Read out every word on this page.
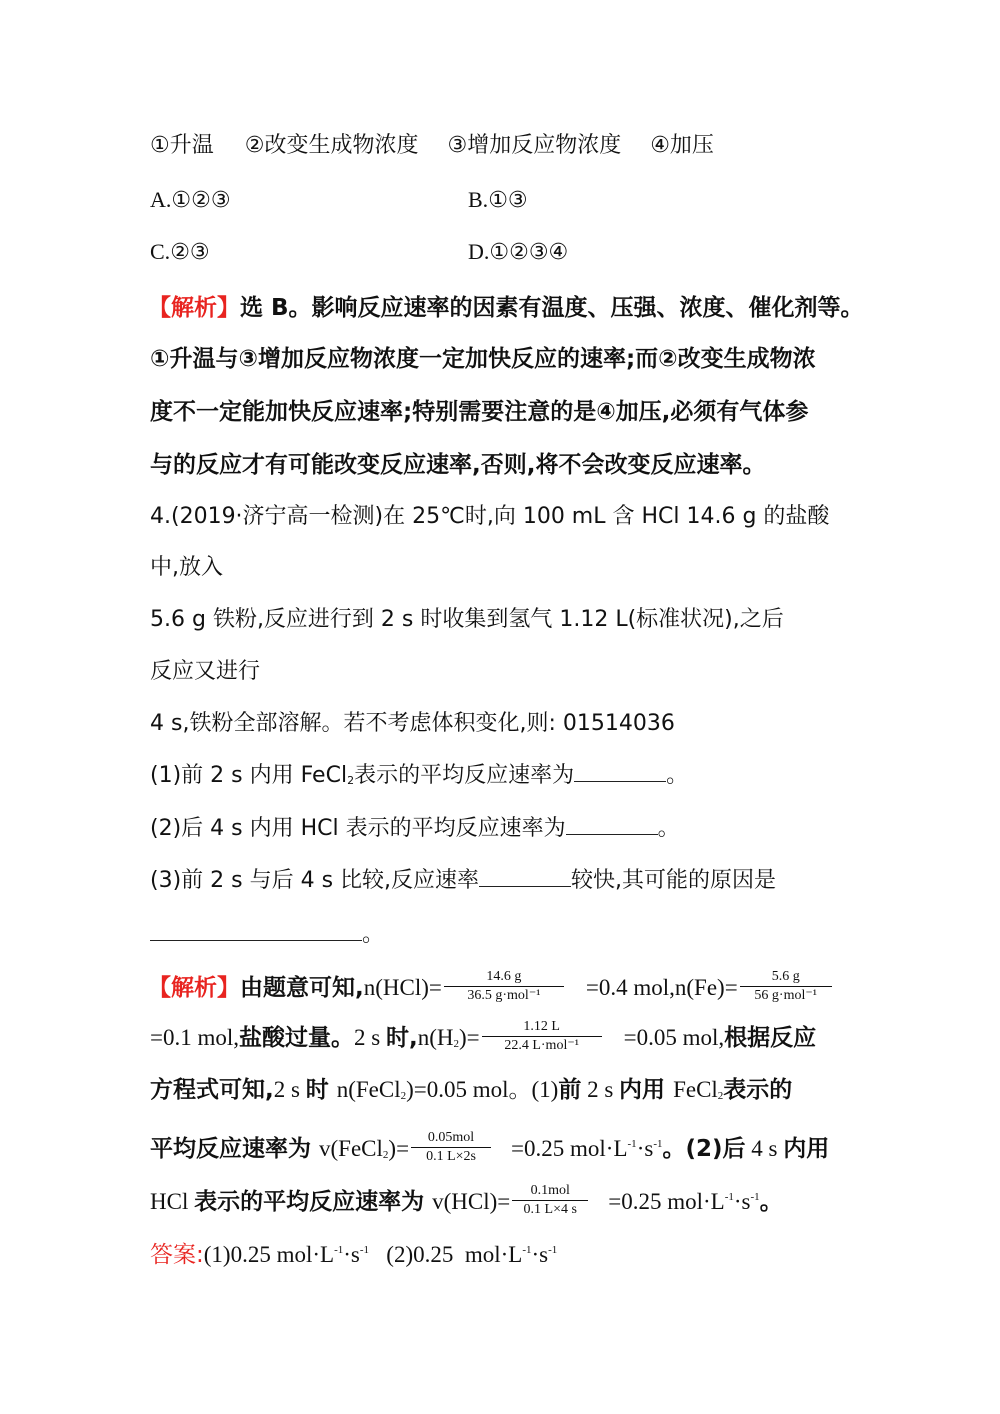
①升温 ②改变生成物浓度 ③增加反应物浓度 ④加压
A.①②③	B.①③
C.②③	D.①②③④
【解析】选 B。影响反应速率的因素有温度、压强、浓度、催化剂等。
①升温与③增加反应物浓度一定加快反应的速率;而②改变生成物浓
度不一定能加快反应速率;特别需要注意的是④加压,必须有气体参
与的反应才有可能改变反应速率,否则,将不会改变反应速率。
4.(2019·济宁高一检测)在 25℃时,向 100 mL 含 HCl 14.6 g 的盐酸
中,放入
5.6 g 铁粉,反应进行到 2 s 时收集到氢气 1.12 L(标准状况),之后
反应又进行
4 s,铁粉全部溶解。若不考虑体积变化,则: 01514036
(1)前 2 s 内用 FeCl$_2$表示的平均反应速率为	。
(2)后 4 s 内用 HCl 表示的平均反应速率为	。
(3)前 2 s 与后 4 s 比较,反应速率	较快,其可能的原因是
。
【解析】由题意可知$,n(HCl)= \frac{14.6 g}{\text{36.5 g·mol⁻¹}} =0.4$ $mol,n(Fe)= \frac{5.6 g}{\text{56 g·mol⁻¹}}$
=0.1 mol,盐酸过量。2 s 时$,n(H_2)= \frac{1.12 L}{\text{22.4 L·mol⁻¹}} =0.05$ mol,根据反应
方程式可知,2 s 时 n(FeCl$_2$)=0.05 mol。(1)前 2 s 内用 FeCl$_2$表示的
平均反应速率为 v(FeCl$_2$)= $\frac{\text{0.05mol}}{0.1 L\times 2s} =0.25$ $mol\cdot L^{-1}\cdot s^{-1}$。(2)后 4 s 内用
HCl 表示的平均反应速率为 $v(HCl)= \frac{\text{0.1mol}}{0.1 L\times 4 s} =0.25$ $mol\cdot L^{-1}\cdot s^{-1}$。
答案:(1)0.25 $mol\cdot L^{-1}\cdot s^{-1}$   (2)0.25  $mol\cdot L^{-1}\cdot s^{-1}$
